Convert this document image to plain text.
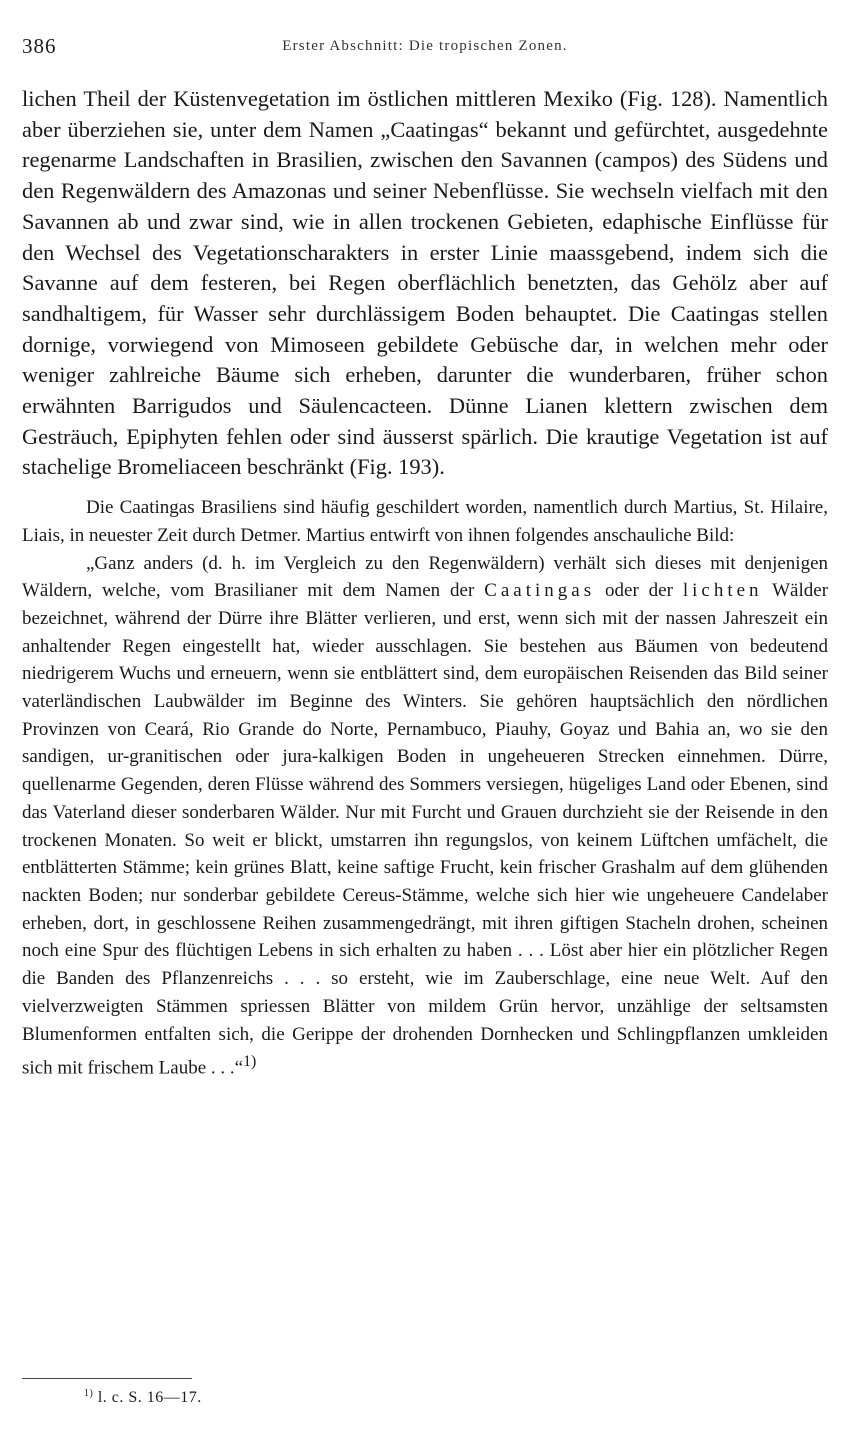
386	Erster Abschnitt: Die tropischen Zonen.

lichen Theil der Küstenvegetation im östlichen mittleren Mexiko (Fig. 128). Namentlich aber überziehen sie, unter dem Namen „Caatingas“ bekannt und gefürchtet, ausgedehnte regenarme Landschaften in Brasilien, zwischen den Savannen (campos) des Südens und den Regenwäldern des Amazonas und seiner Nebenflüsse. Sie wechseln vielfach mit den Savannen ab und zwar sind, wie in allen trockenen Gebieten, edaphische Einflüsse für den Wechsel des Vegetationscharakters in erster Linie maassgebend, indem sich die Savanne auf dem festeren, bei Regen oberflächlich benetzten, das Gehölz aber auf sandhaltigem, für Wasser sehr durchlässigem Boden behauptet. Die Caatingas stellen dornige, vorwiegend von Mimoseen gebildete Gebüsche dar, in welchen mehr oder weniger zahlreiche Bäume sich erheben, darunter die wunderbaren, früher schon erwähnten Barrigudos und Säulencacteen. Dünne Lianen klettern zwischen dem Gesträuch, Epiphyten fehlen oder sind äusserst spärlich. Die krautige Vegetation ist auf stachelige Bromeliaceen beschränkt (Fig. 193).

Die Caatingas Brasiliens sind häufig geschildert worden, namentlich durch Martius, St. Hilaire, Liais, in neuester Zeit durch Detmer. Martius entwirft von ihnen folgendes anschauliche Bild:

„Ganz anders (d. h. im Vergleich zu den Regenwäldern) verhält sich dieses mit denjenigen Wäldern, welche, vom Brasilianer mit dem Namen der Caatingas oder der lichten Wälder bezeichnet, während der Dürre ihre Blätter verlieren, und erst, wenn sich mit der nassen Jahreszeit ein anhaltender Regen eingestellt hat, wieder ausschlagen. Sie bestehen aus Bäumen von bedeutend niedrigerem Wuchs und erneuern, wenn sie entblättert sind, dem europäischen Reisenden das Bild seiner vaterländischen Laubwälder im Beginne des Winters. Sie gehören hauptsächlich den nördlichen Provinzen von Ceará, Rio Grande do Norte, Pernambuco, Piauhy, Goyaz und Bahia an, wo sie den sandigen, ur-granitischen oder jura-kalkigen Boden in ungeheueren Strecken einnehmen. Dürre, quellenarme Gegenden, deren Flüsse während des Sommers versiegen, hügeliges Land oder Ebenen, sind das Vaterland dieser sonderbaren Wälder. Nur mit Furcht und Grauen durchzieht sie der Reisende in den trockenen Monaten. So weit er blickt, umstarren ihn regungslos, von keinem Lüftchen umfächelt, die entblätterten Stämme; kein grünes Blatt, keine saftige Frucht, kein frischer Grashalm auf dem glühenden nackten Boden; nur sonderbar gebildete Cereus-Stämme, welche sich hier wie ungeheuere Candelaber erheben, dort, in geschlossene Reihen zusammengedrängt, mit ihren giftigen Stacheln drohen, scheinen noch eine Spur des flüchtigen Lebens in sich erhalten zu haben . . . Löst aber hier ein plötzlicher Regen die Banden des Pflanzenreichs . . . so ersteht, wie im Zauberschlage, eine neue Welt. Auf den vielverzweigten Stämmen spriessen Blätter von mildem Grün hervor, unzählige der seltsamsten Blumenformen entfalten sich, die Gerippe der drohenden Dornhecken und Schlingpflanzen umkleiden sich mit frischem Laube . . .“$^{1)}$

$^{1)}$ l. c. S. 16—17.
